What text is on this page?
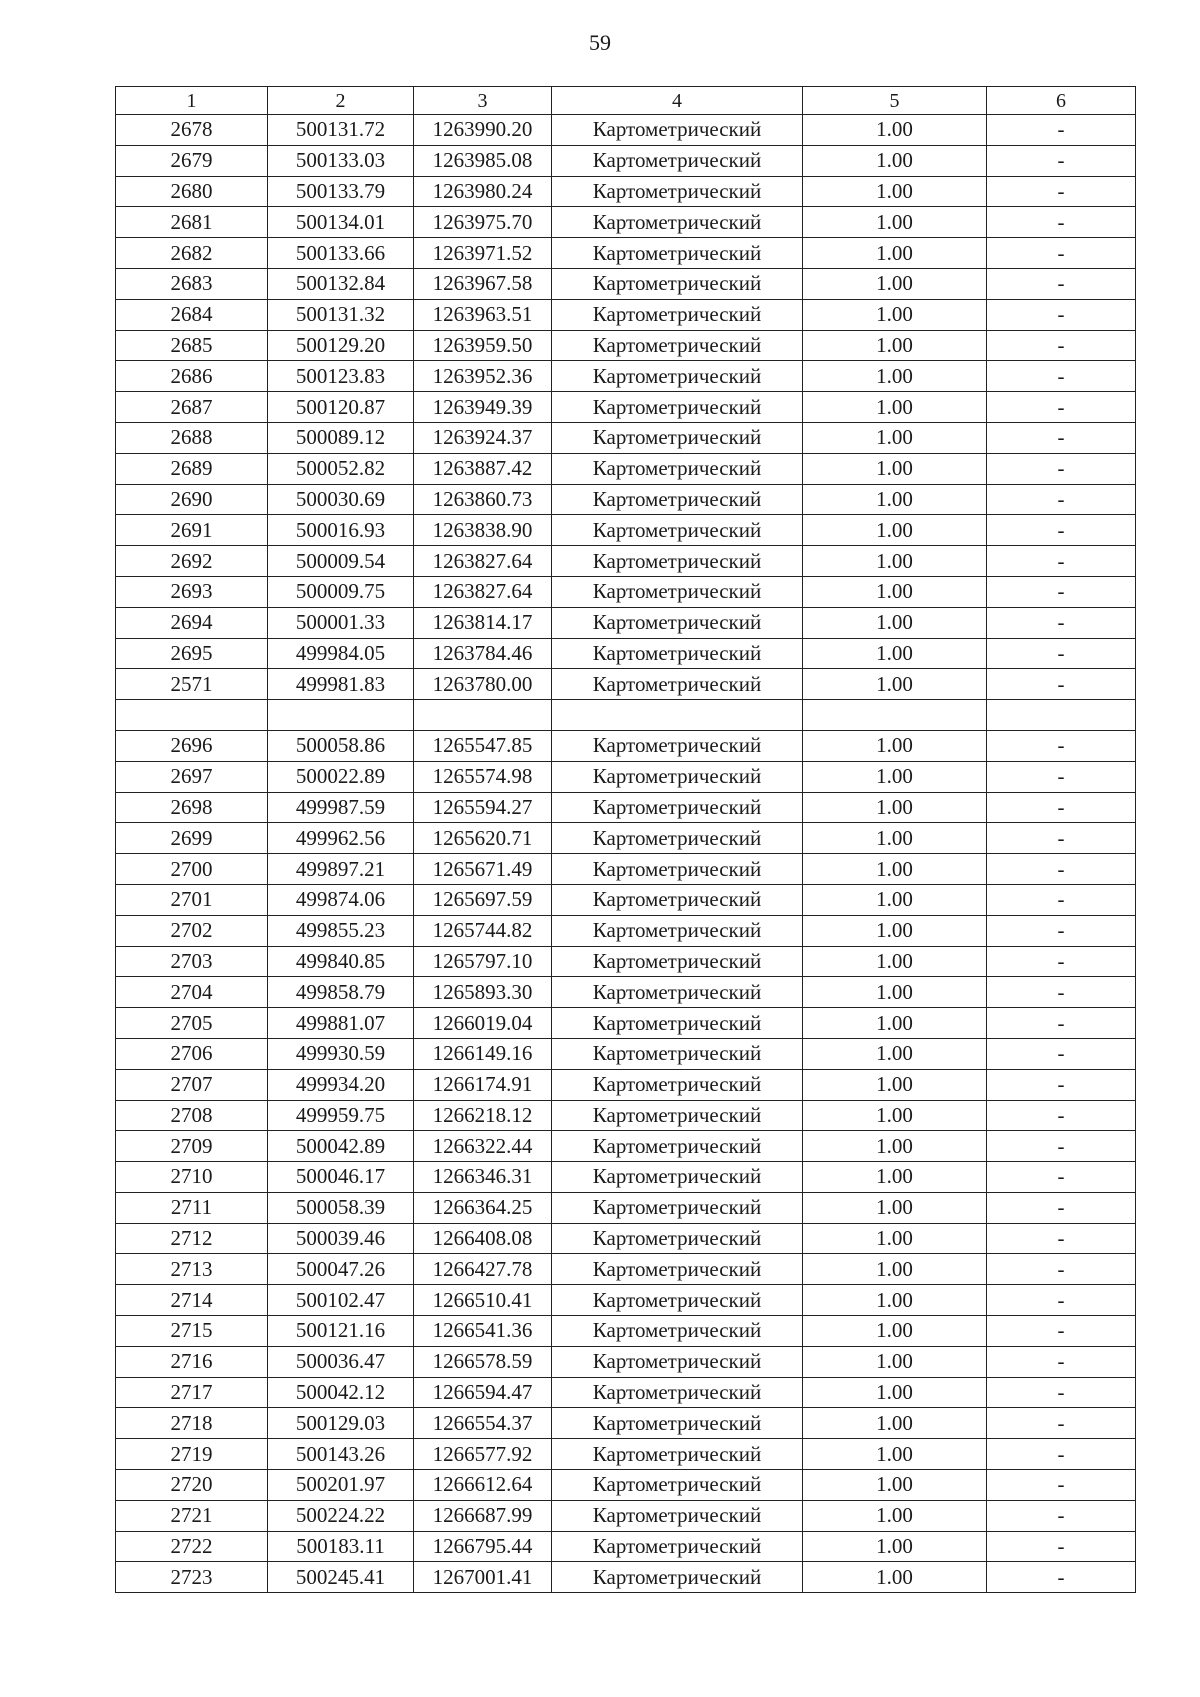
59
1	2	3	4	5	6
2678	500131.72	1263990.20	Картометрический	1.00	-
2679	500133.03	1263985.08	Картометрический	1.00	-
2680	500133.79	1263980.24	Картометрический	1.00	-
2681	500134.01	1263975.70	Картометрический	1.00	-
2682	500133.66	1263971.52	Картометрический	1.00	-
2683	500132.84	1263967.58	Картометрический	1.00	-
2684	500131.32	1263963.51	Картометрический	1.00	-
2685	500129.20	1263959.50	Картометрический	1.00	-
2686	500123.83	1263952.36	Картометрический	1.00	-
2687	500120.87	1263949.39	Картометрический	1.00	-
2688	500089.12	1263924.37	Картометрический	1.00	-
2689	500052.82	1263887.42	Картометрический	1.00	-
2690	500030.69	1263860.73	Картометрический	1.00	-
2691	500016.93	1263838.90	Картометрический	1.00	-
2692	500009.54	1263827.64	Картометрический	1.00	-
2693	500009.75	1263827.64	Картометрический	1.00	-
2694	500001.33	1263814.17	Картометрический	1.00	-
2695	499984.05	1263784.46	Картометрический	1.00	-
2571	499981.83	1263780.00	Картометрический	1.00	-

2696	500058.86	1265547.85	Картометрический	1.00	-
2697	500022.89	1265574.98	Картометрический	1.00	-
2698	499987.59	1265594.27	Картометрический	1.00	-
2699	499962.56	1265620.71	Картометрический	1.00	-
2700	499897.21	1265671.49	Картометрический	1.00	-
2701	499874.06	1265697.59	Картометрический	1.00	-
2702	499855.23	1265744.82	Картометрический	1.00	-
2703	499840.85	1265797.10	Картометрический	1.00	-
2704	499858.79	1265893.30	Картометрический	1.00	-
2705	499881.07	1266019.04	Картометрический	1.00	-
2706	499930.59	1266149.16	Картометрический	1.00	-
2707	499934.20	1266174.91	Картометрический	1.00	-
2708	499959.75	1266218.12	Картометрический	1.00	-
2709	500042.89	1266322.44	Картометрический	1.00	-
2710	500046.17	1266346.31	Картометрический	1.00	-
2711	500058.39	1266364.25	Картометрический	1.00	-
2712	500039.46	1266408.08	Картометрический	1.00	-
2713	500047.26	1266427.78	Картометрический	1.00	-
2714	500102.47	1266510.41	Картометрический	1.00	-
2715	500121.16	1266541.36	Картометрический	1.00	-
2716	500036.47	1266578.59	Картометрический	1.00	-
2717	500042.12	1266594.47	Картометрический	1.00	-
2718	500129.03	1266554.37	Картометрический	1.00	-
2719	500143.26	1266577.92	Картометрический	1.00	-
2720	500201.97	1266612.64	Картометрический	1.00	-
2721	500224.22	1266687.99	Картометрический	1.00	-
2722	500183.11	1266795.44	Картометрический	1.00	-
2723	500245.41	1267001.41	Картометрический	1.00	-
